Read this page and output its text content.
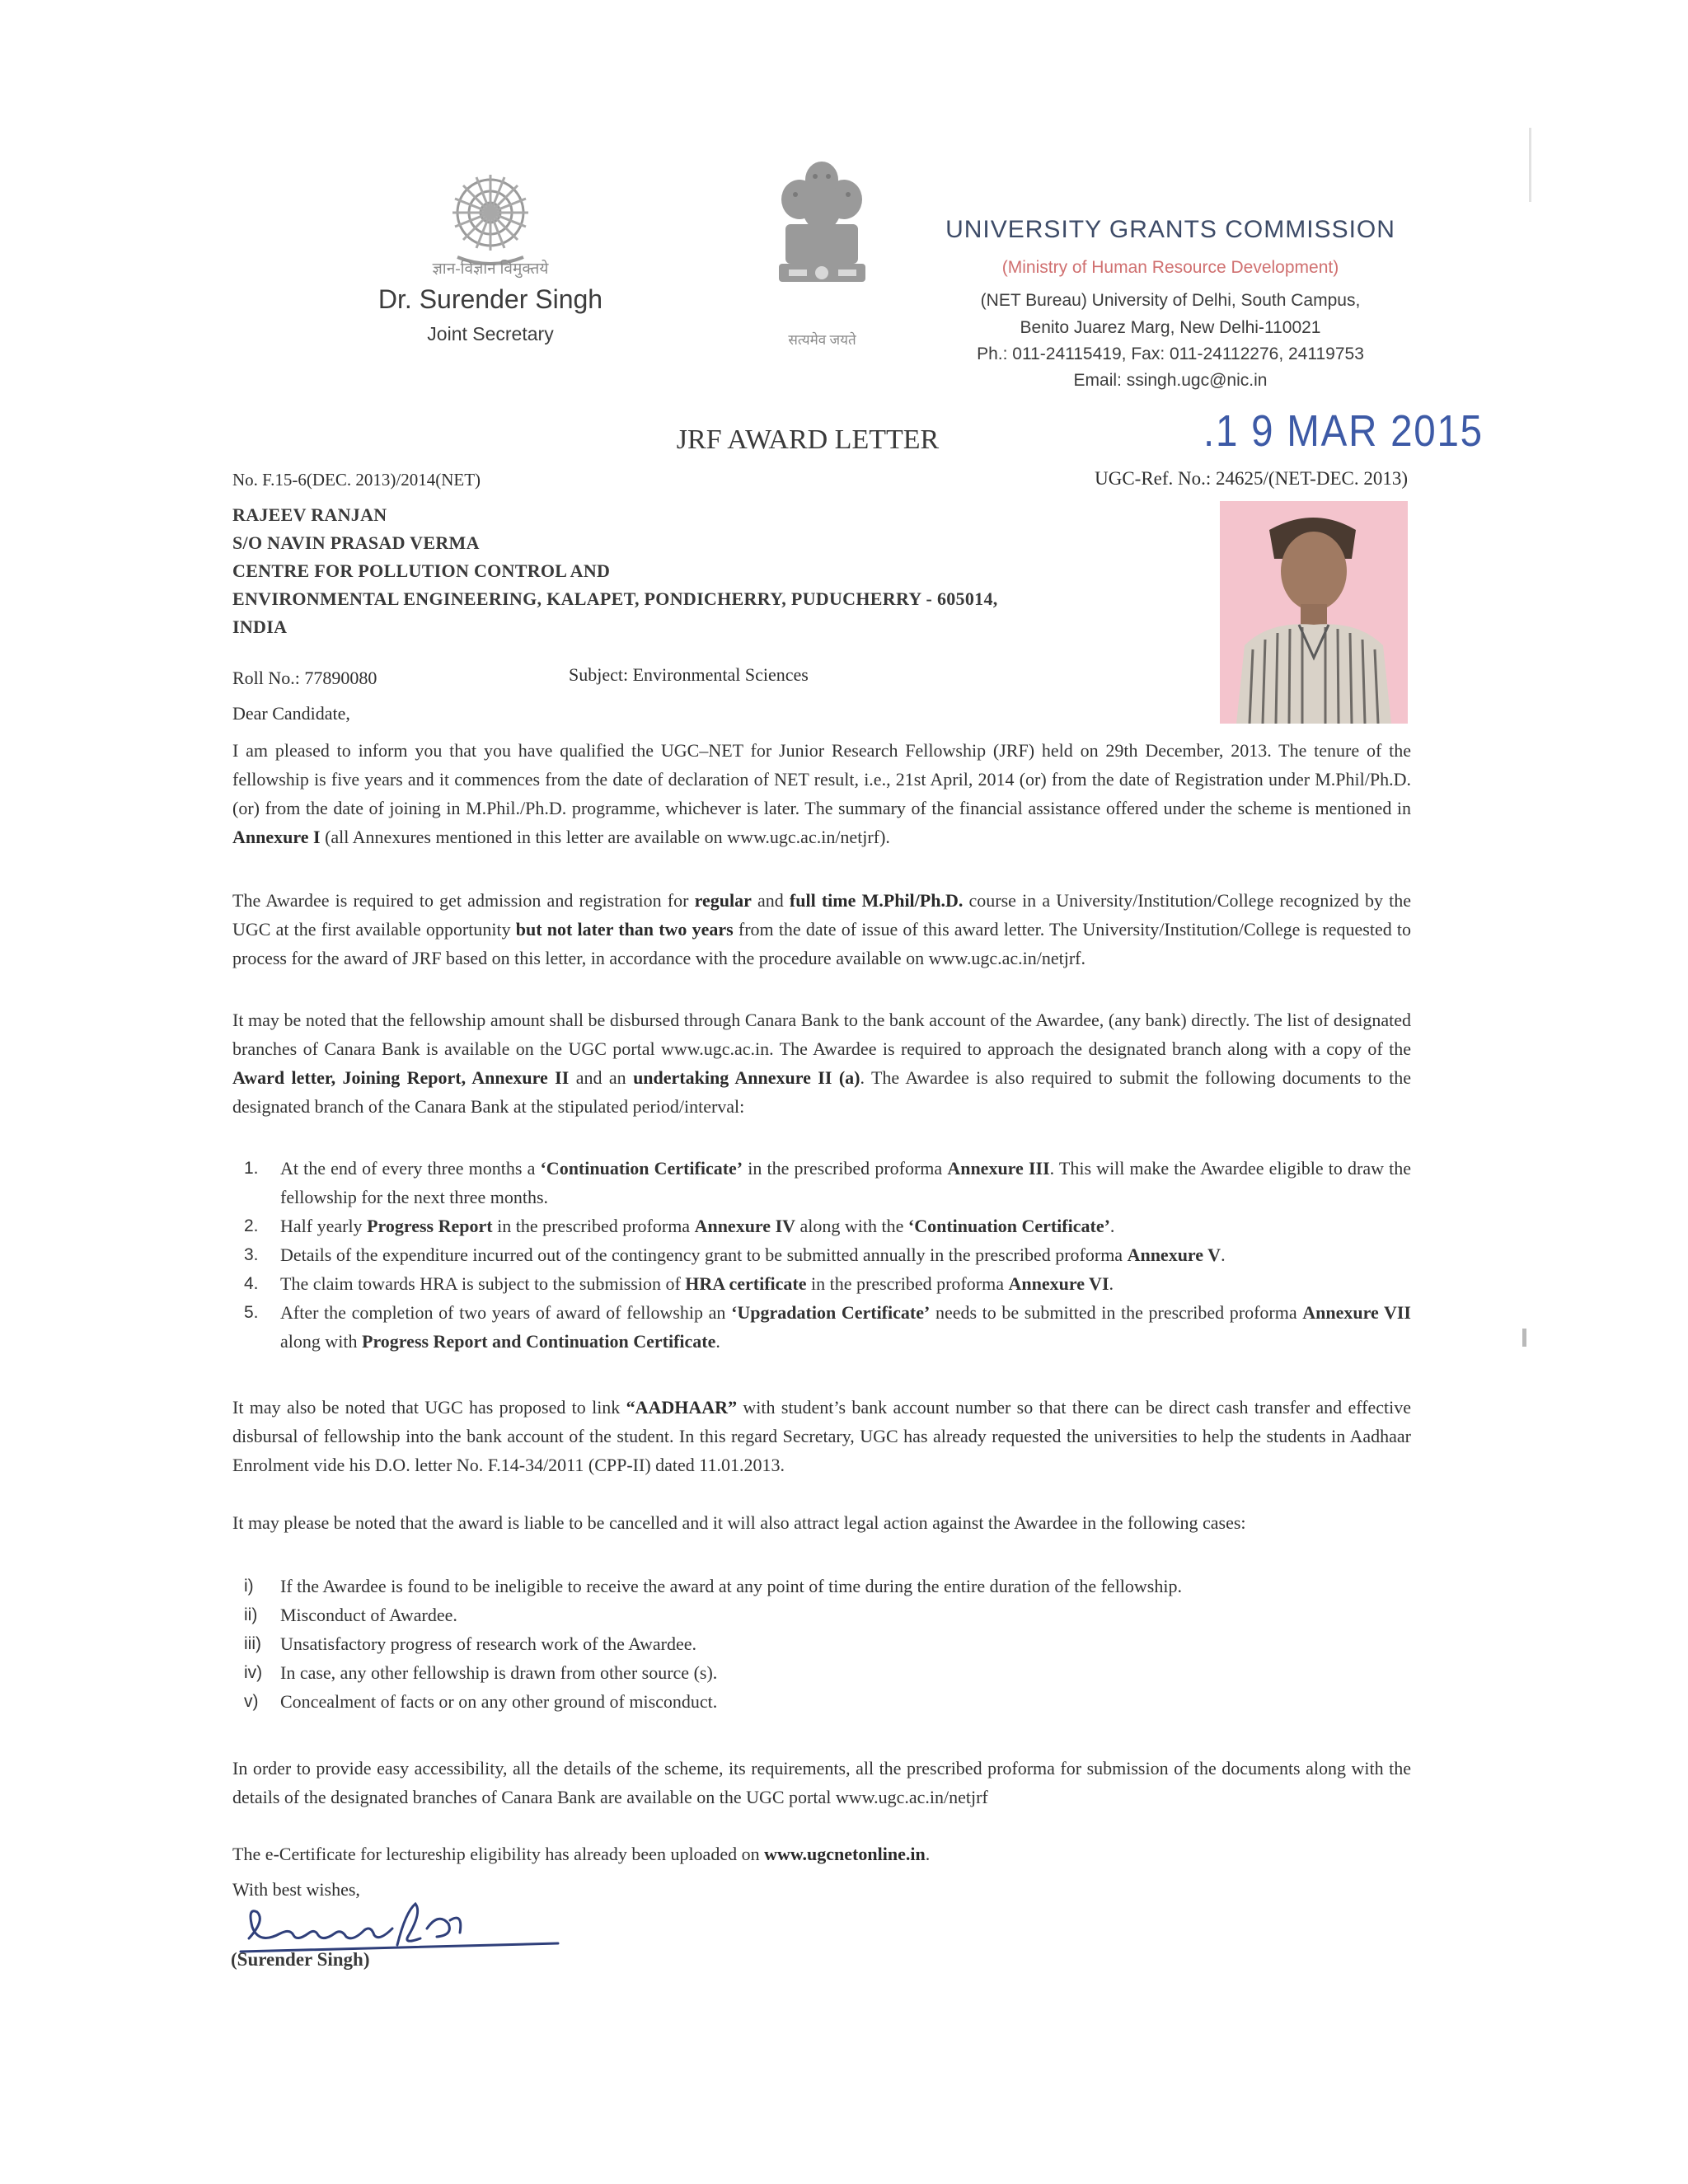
ज्ञान-विज्ञान विमुक्तये
Dr. Surender Singh
Joint Secretary	सत्यमेव जयते
UNIVERSITY GRANTS COMMISSION
(Ministry of Human Resource Development)
(NET Bureau) University of Delhi, South Campus,
Benito Juarez Marg, New Delhi-110021
Ph.: 011-24115419, Fax: 011-24112276, 24119753
Email: ssingh.ugc@nic.in
.1 9 MAR 2015
JRF AWARD LETTER
No. F.15-6(DEC. 2013)/2014(NET)	UGC-Ref. No.: 24625/(NET-DEC. 2013)
RAJEEV RANJAN
S/O NAVIN PRASAD VERMA
CENTRE FOR POLLUTION CONTROL AND
ENVIRONMENTAL ENGINEERING, KALAPET, PONDICHERRY, PUDUCHERRY - 605014,
INDIA
Roll No.: 77890080	Subject: Environmental Sciences
Dear Candidate,
I am pleased to inform you that you have qualified the UGC–NET for Junior Research Fellowship (JRF) held on 29th December, 2013. The tenure of the fellowship is five years and it commences from the date of declaration of NET result, i.e., 21st April, 2014 (or) from the date of Registration under M.Phil/Ph.D. (or) from the date of joining in M.Phil./Ph.D. programme, whichever is later. The summary of the financial assistance offered under the scheme is mentioned in Annexure I (all Annexures mentioned in this letter are available on www.ugc.ac.in/netjrf).
The Awardee is required to get admission and registration for regular and full time M.Phil/Ph.D. course in a University/Institution/College recognized by the UGC at the first available opportunity but not later than two years from the date of issue of this award letter. The University/Institution/College is requested to process for the award of JRF based on this letter, in accordance with the procedure available on www.ugc.ac.in/netjrf.
It may be noted that the fellowship amount shall be disbursed through Canara Bank to the bank account of the Awardee, (any bank) directly. The list of designated branches of Canara Bank is available on the UGC portal www.ugc.ac.in. The Awardee is required to approach the designated branch along with a copy of the Award letter, Joining Report, Annexure II and an undertaking Annexure II (a). The Awardee is also required to submit the following documents to the designated branch of the Canara Bank at the stipulated period/interval:
1. At the end of every three months a ‘Continuation Certificate’ in the prescribed proforma Annexure III. This will make the Awardee eligible to draw the fellowship for the next three months.
2. Half yearly Progress Report in the prescribed proforma Annexure IV along with the ‘Continuation Certificate’.
3. Details of the expenditure incurred out of the contingency grant to be submitted annually in the prescribed proforma Annexure V.
4. The claim towards HRA is subject to the submission of HRA certificate in the prescribed proforma Annexure VI.
5. After the completion of two years of award of fellowship an ‘Upgradation Certificate’ needs to be submitted in the prescribed proforma Annexure VII along with Progress Report and Continuation Certificate.
It may also be noted that UGC has proposed to link “AADHAAR” with student’s bank account number so that there can be direct cash transfer and effective disbursal of fellowship into the bank account of the student. In this regard Secretary, UGC has already requested the universities to help the students in Aadhaar Enrolment vide his D.O. letter No. F.14-34/2011 (CPP-II) dated 11.01.2013.
It may please be noted that the award is liable to be cancelled and it will also attract legal action against the Awardee in the following cases:
i) If the Awardee is found to be ineligible to receive the award at any point of time during the entire duration of the fellowship.
ii) Misconduct of Awardee.
iii) Unsatisfactory progress of research work of the Awardee.
iv) In case, any other fellowship is drawn from other source (s).
v) Concealment of facts or on any other ground of misconduct.
In order to provide easy accessibility, all the details of the scheme, its requirements, all the prescribed proforma for submission of the documents along with the details of the designated branches of Canara Bank are available on the UGC portal www.ugc.ac.in/netjrf
The e-Certificate for lectureship eligibility has already been uploaded on www.ugcnetonline.in.
With best wishes,
(Surender Singh)
